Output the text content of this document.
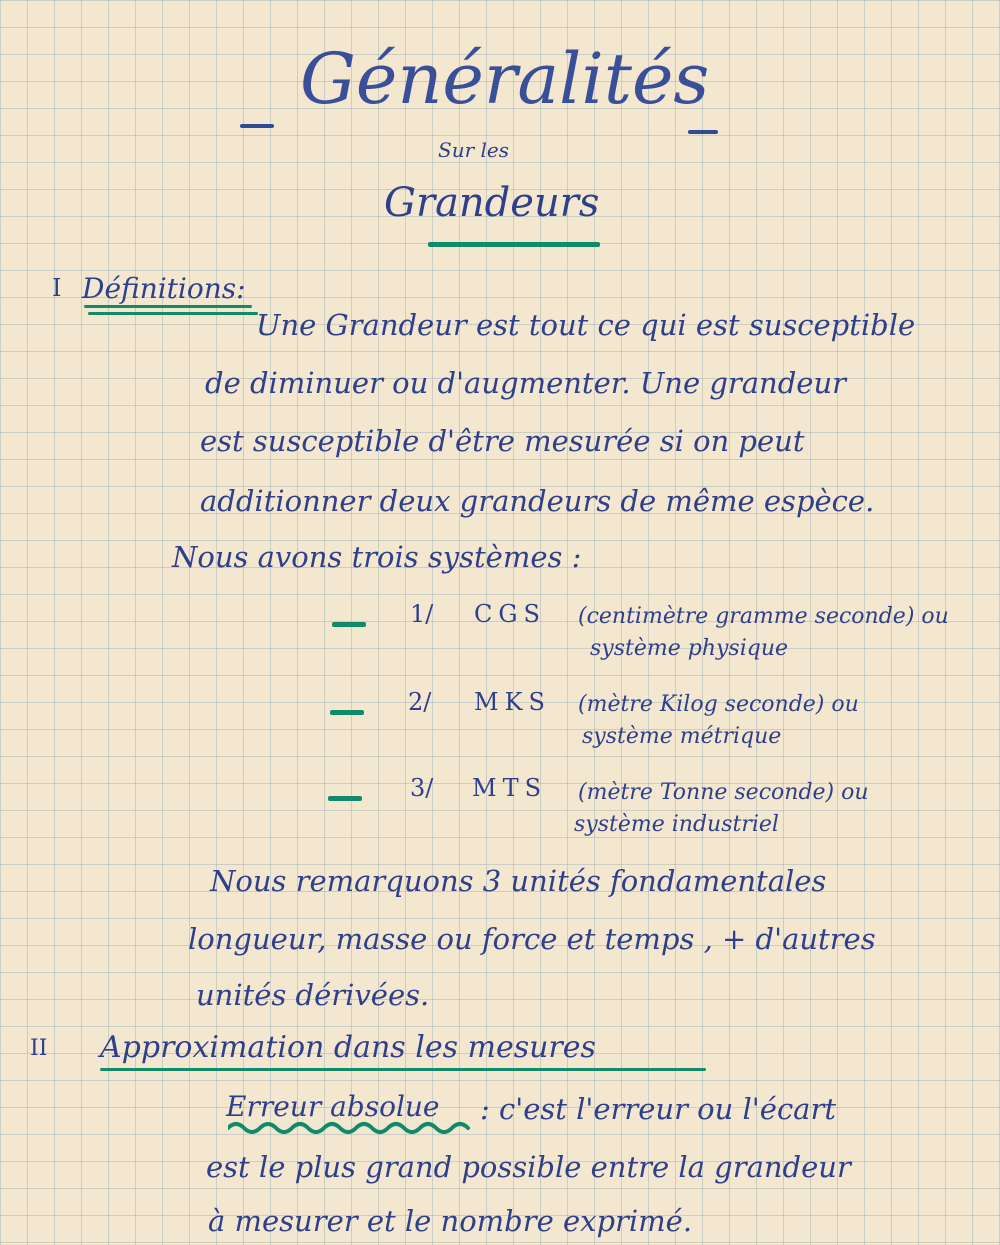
Généralités
Sur les
Grandeurs
I Définitions:
Une Grandeur est tout ce qui est susceptible
de diminuer ou d'augmenter. Une grandeur
est susceptible d'être mesurée si on peut
additionner deux grandeurs de même espèce.
Nous avons trois systèmes :
1/ CGS (centimètre gramme seconde) ou
système physique
2/ MKS (mètre Kilog seconde) ou
système métrique
3/ MTS (mètre Tonne seconde) ou
système industriel
Nous remarquons 3 unités fondamentales
longueur, masse ou force et temps , + d'autres
unités dérivées.
II Approximation dans les mesures
Erreur absolue : c'est l'erreur ou l'écart
est le plus grand possible entre la grandeur
à mesurer et le nombre exprimé.
